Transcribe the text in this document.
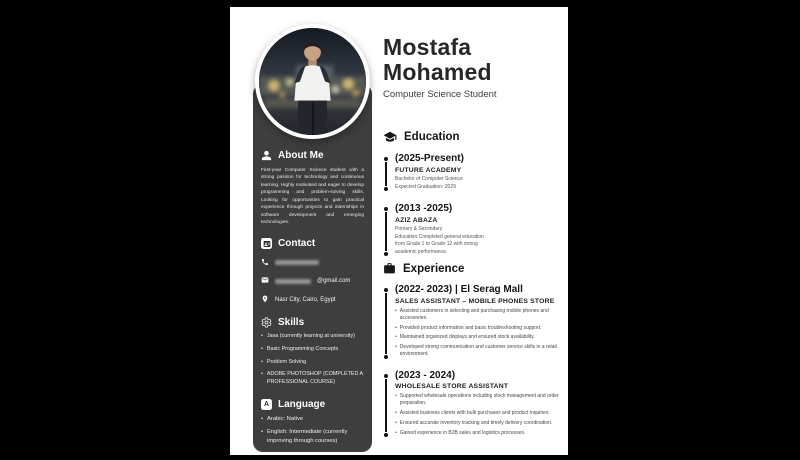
About Me

First-year Computer Science student with a strong passion for technology and continuous learning. Highly motivated and eager to develop programming and problem-solving skills. Looking for opportunities to gain practical experience through projects and internships in software development and emerging technologies.

Contact
@gmail.com
Nasr City, Cairo, Egypt
Skills
• Java (currently learning at university)
• Basic Programming Concepts
• Problem Solving
• ADOBE PHOTOSHOP (COMPLETED A PROFESSIONAL COURSE)
A Language
• Arabic: Native
• English: Intermediate (currently improving through courses)
Mostafa
Mohamed
Computer Science Student
Education
(2025-Present)
FUTURE ACADEMY
Bachelor of Computer Science
Expected Graduation: 2029
(2013 -2025)
AZIZ ABAZA
Primary & Secondary Education:Completed general education from Grade 1 to Grade 12 with strong academic performance.
Experience
(2022- 2023) | El Serag Mall
SALES ASSISTANT – MOBILE PHONES STORE
• Assisted customers in selecting and purchasing mobile phones and accessories.
• Provided product information and basic troubleshooting support.
• Maintained organized displays and ensured stock availability.
• Developed strong communication and customer service skills in a retail environment.
(2023 - 2024)
WHOLESALE STORE ASSISTANT
• Supported wholesale operations including stock management and order preparation.
• Assisted business clients with bulk purchases and product inquiries.
• Ensured accurate inventory tracking and timely delivery coordination.
• Gained experience in B2B sales and logistics processes.
